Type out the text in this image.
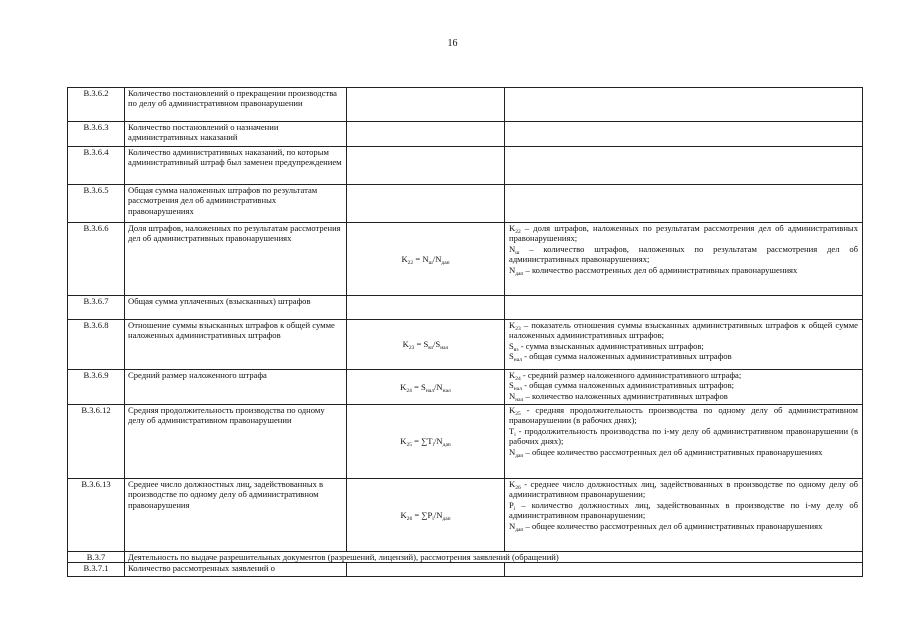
16
В.3.6.2	Количество постановлений о прекращении производства по делу об административном правонарушении		
В.3.6.3	Количество постановлений о назначении административных наказаний		
В.3.6.4	Количество административных наказаний, по которым административный штраф был заменен предупреждением		
В.3.6.5	Общая сумма наложенных штрафов по результатам рассмотрения дел об административных правонарушениях		
В.3.6.6	Доля штрафов, наложенных по результатам рассмотрения дел об административных правонарушениях	$K_{22} = N_ш/N_{дап}$	$K_{22}$ – доля штрафов, наложенных по результатам рассмотрения дел об административных правонарушениях;
$N_ш$ – количество штрафов, наложенных по результатам рассмотрения дел об административных правонарушениях;
$N_{дап}$ – количество рассмотренных дел об административных правонарушениях

В.3.6.7	Общая сумма уплаченных (взысканных) штрафов		
В.3.6.8	Отношение суммы взысканных штрафов к общей сумме наложенных административных штрафов	$K_{23} = S_{вз}/S_{нал}$	$K_{23}$ – показатель отношения суммы взысканных административных штрафов к общей сумме наложенных административных штрафов;
$S_{вз}$ - сумма взысканных административных штрафов;
$S_{нал}$ - общая сумма наложенных административных штрафов

В.3.6.9	Средний размер наложенного штрафа	$K_{24} = S_{нал}/N_{нал}$	$K_{24}$ - средний размер наложенного административного штрафа;
$S_{нал}$ - общая сумма наложенных административных штрафов;
$N_{нал}$ – количество наложенных административных штрафов

В.3.6.12	Средняя продолжительность производства по одному делу об административном правонарушении	$K_{25} = \sum T_i/N_{дап}$	$K_{25}$ - средняя продолжительность производства по одному делу об административном правонарушении (в рабочих днях);
$T_i$ - продолжительность производства по i-му делу об административном правонарушении (в рабочих днях);
$N_{дап}$ – общее количество рассмотренных дел об административных правонарушениях

В.3.6.13	Среднее число должностных лиц, задействованных в производстве по одному делу об административном правонарушения	$K_{26} = \sum P_i/N_{дап}$	$K_{26}$ - среднее число должностных лиц, задействованных в производстве по одному делу об административном правонарушении;
$P_i$ – количество должностных лиц, задействованных в производстве по i-му делу об административном правонарушении;
$N_{дап}$ – общее количество рассмотренных дел об административных правонарушениях

В.3.7	Деятельность по выдаче разрешительных документов (разрешений, лицензий), рассмотрения заявлений (обращений)		
В.3.7.1	Количество рассмотренных заявлений о		
